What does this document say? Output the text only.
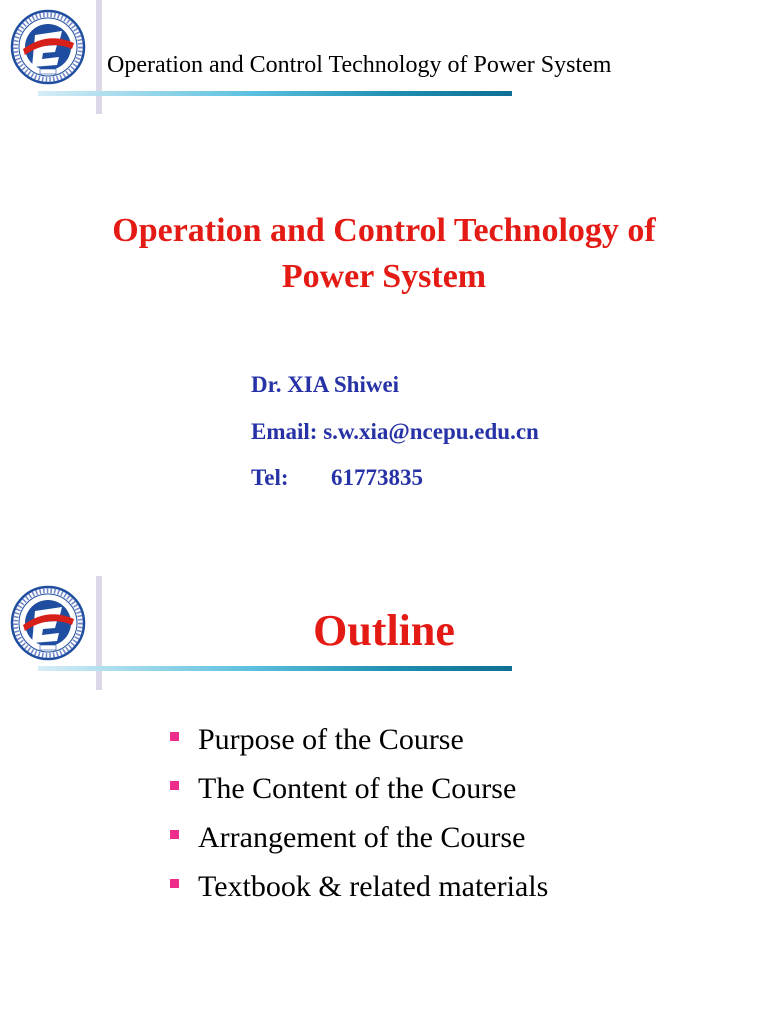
Operation and Control Technology of Power System
Operation and Control Technology of
Power System
Dr. XIA Shiwei
Email: s.w.xia@ncepu.edu.cn
Tel: 61773835
Outline
Purpose of the Course
The Content of the Course
Arrangement of the Course
Textbook & related materials
